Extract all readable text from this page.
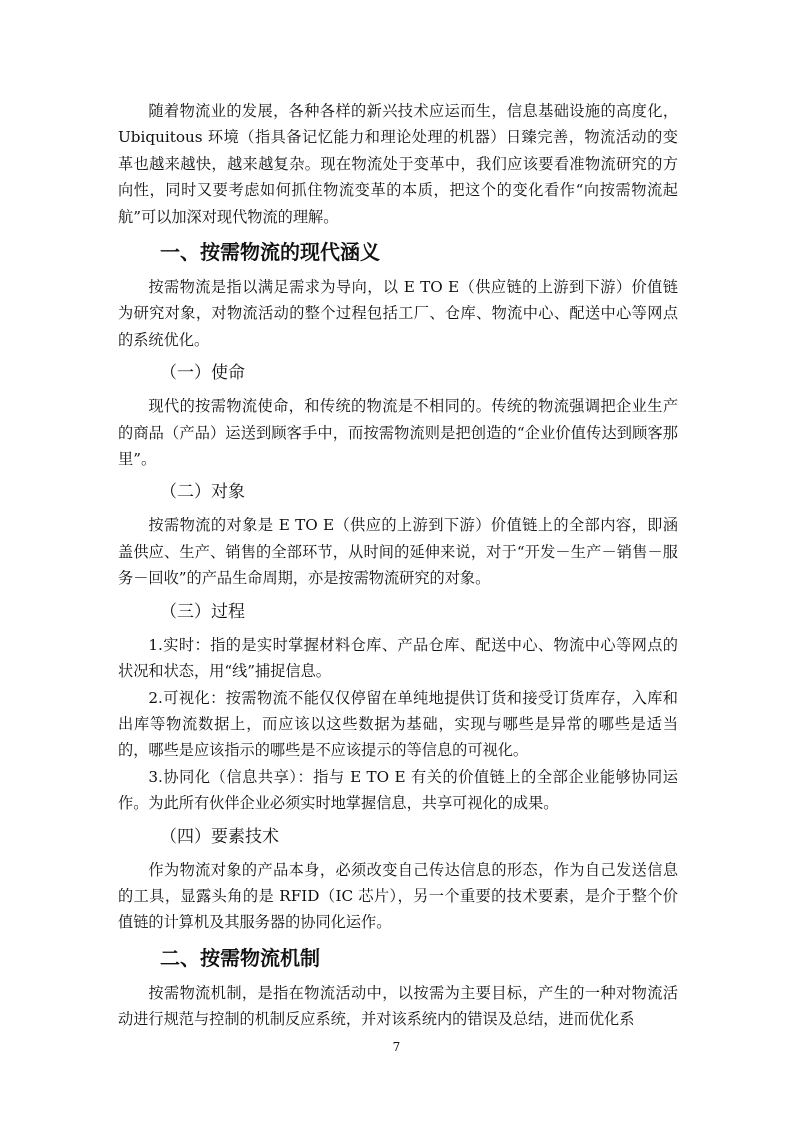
随着物流业的发展，各种各样的新兴技术应运而生，信息基础设施的高度化，Ubiquitous 环境（指具备记忆能力和理论处理的机器）日臻完善，物流活动的变革也越来越快，越来越复杂。现在物流处于变革中，我们应该要看准物流研究的方向性，同时又要考虑如何抓住物流变革的本质，把这个的变化看作“向按需物流起航”可以加深对现代物流的理解。

一、按需物流的现代涵义

按需物流是指以满足需求为导向，以 E TO E（供应链的上游到下游）价值链为研究对象，对物流活动的整个过程包括工厂、仓库、物流中心、配送中心等网点的系统优化。

（一）使命

现代的按需物流使命，和传统的物流是不相同的。传统的物流强调把企业生产的商品（产品）运送到顾客手中，而按需物流则是把创造的“企业价值传达到顾客那里”。

（二）对象

按需物流的对象是 E TO E（供应的上游到下游）价值链上的全部内容，即涵盖供应、生产、销售的全部环节，从时间的延伸来说，对于“开发－生产－销售－服务－回收”的产品生命周期，亦是按需物流研究的对象。

（三）过程

1.实时：指的是实时掌握材料仓库、产品仓库、配送中心、物流中心等网点的状况和状态，用“线”捕捉信息。

2.可视化：按需物流不能仅仅停留在单纯地提供订货和接受订货库存，入库和出库等物流数据上，而应该以这些数据为基础，实现与哪些是异常的哪些是适当的，哪些是应该指示的哪些是不应该提示的等信息的可视化。

3.协同化（信息共享）：指与 E TO E 有关的价值链上的全部企业能够协同运作。为此所有伙伴企业必须实时地掌握信息，共享可视化的成果。

（四）要素技术

作为物流对象的产品本身，必须改变自己传达信息的形态，作为自己发送信息的工具，显露头角的是 RFID（IC 芯片），另一个重要的技术要素，是介于整个价值链的计算机及其服务器的协同化运作。

二、按需物流机制

按需物流机制，是指在物流活动中，以按需为主要目标，产生的一种对物流活动进行规范与控制的机制反应系统，并对该系统内的错误及总结，进而优化系

7
